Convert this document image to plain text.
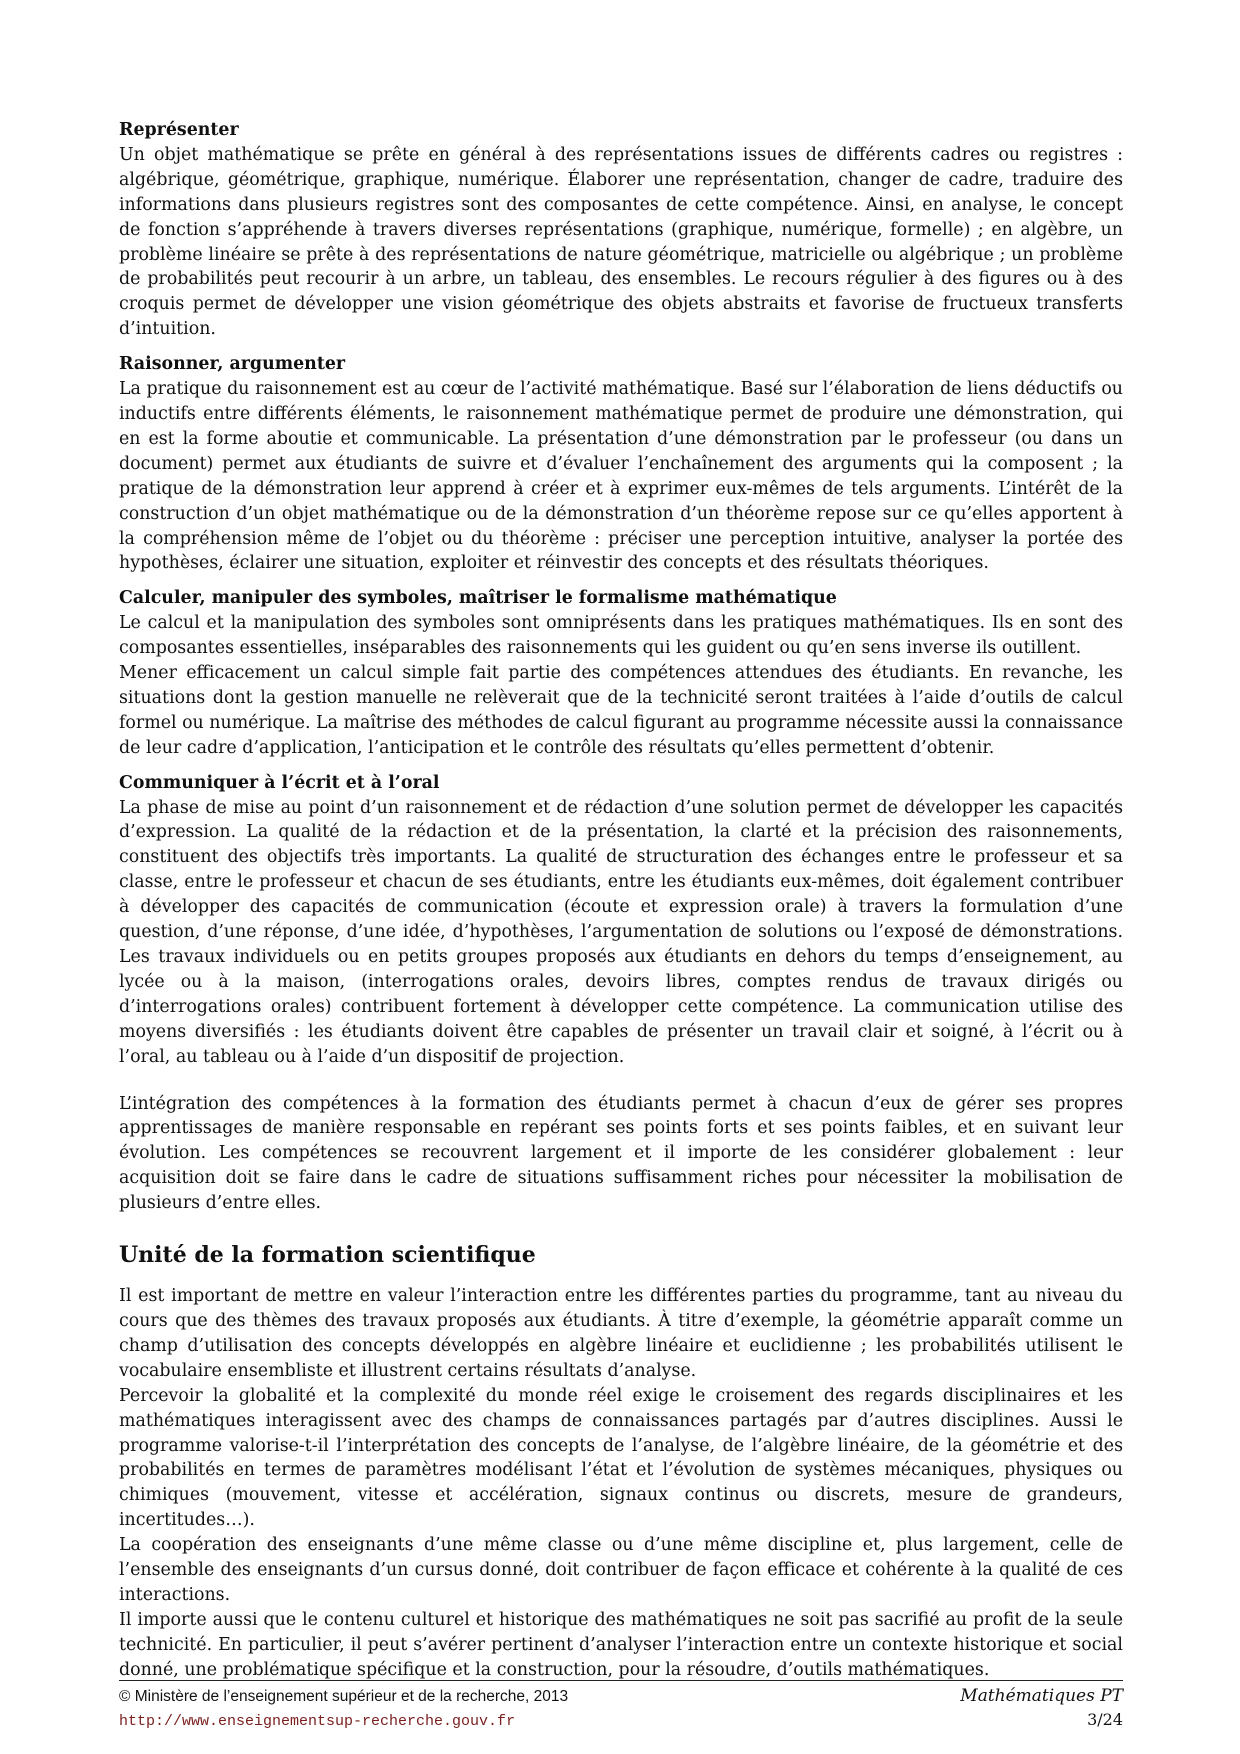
Représenter

Un objet mathématique se prête en général à des représentations issues de différents cadres ou registres : algébrique, géométrique, graphique, numérique. Élaborer une représentation, changer de cadre, traduire des informations dans plusieurs registres sont des composantes de cette compétence. Ainsi, en analyse, le concept de fonction s’appréhende à travers diverses représentations (graphique, numérique, formelle) ; en algèbre, un problème linéaire se prête à des représentations de nature géométrique, matricielle ou algébrique ; un problème de probabilités peut recourir à un arbre, un tableau, des ensembles. Le recours régulier à des figures ou à des croquis permet de développer une vision géométrique des objets abstraits et favorise de fructueux transferts d’intuition.

Raisonner, argumenter

La pratique du raisonnement est au cœur de l’activité mathématique. Basé sur l’élaboration de liens déductifs ou inductifs entre différents éléments, le raisonnement mathématique permet de produire une démonstration, qui en est la forme aboutie et communicable. La présentation d’une démonstration par le professeur (ou dans un document) permet aux étudiants de suivre et d’évaluer l’enchaînement des arguments qui la composent ; la pratique de la démonstration leur apprend à créer et à exprimer eux-mêmes de tels arguments. L’intérêt de la construction d’un objet mathématique ou de la démonstration d’un théorème repose sur ce qu’elles apportent à la compréhension même de l’objet ou du théorème : préciser une perception intuitive, analyser la portée des hypothèses, éclairer une situation, exploiter et réinvestir des concepts et des résultats théoriques.

Calculer, manipuler des symboles, maîtriser le formalisme mathématique

Le calcul et la manipulation des symboles sont omniprésents dans les pratiques mathématiques. Ils en sont des composantes essentielles, inséparables des raisonnements qui les guident ou qu’en sens inverse ils outillent.

Mener efficacement un calcul simple fait partie des compétences attendues des étudiants. En revanche, les situations dont la gestion manuelle ne relèverait que de la technicité seront traitées à l’aide d’outils de calcul formel ou numérique. La maîtrise des méthodes de calcul figurant au programme nécessite aussi la connaissance de leur cadre d’application, l’anticipation et le contrôle des résultats qu’elles permettent d’obtenir.

Communiquer à l’écrit et à l’oral

La phase de mise au point d’un raisonnement et de rédaction d’une solution permet de développer les capacités d’expression. La qualité de la rédaction et de la présentation, la clarté et la précision des raisonnements, constituent des objectifs très importants. La qualité de structuration des échanges entre le professeur et sa classe, entre le professeur et chacun de ses étudiants, entre les étudiants eux-mêmes, doit également contribuer à développer des capacités de communication (écoute et expression orale) à travers la formulation d’une question, d’une réponse, d’une idée, d’hypothèses, l’argumentation de solutions ou l’exposé de démonstrations. Les travaux individuels ou en petits groupes proposés aux étudiants en dehors du temps d’enseignement, au lycée ou à la maison, (interrogations orales, devoirs libres, comptes rendus de travaux dirigés ou d’interrogations orales) contribuent fortement à développer cette compétence. La communication utilise des moyens diversifiés : les étudiants doivent être capables de présenter un travail clair et soigné, à l’écrit ou à l’oral, au tableau ou à l’aide d’un dispositif de projection.

L’intégration des compétences à la formation des étudiants permet à chacun d’eux de gérer ses propres apprentissages de manière responsable en repérant ses points forts et ses points faibles, et en suivant leur évolution. Les compétences se recouvrent largement et il importe de les considérer globalement : leur acquisition doit se faire dans le cadre de situations suffisamment riches pour nécessiter la mobilisation de plusieurs d’entre elles.

Unité de la formation scientifique

Il est important de mettre en valeur l’interaction entre les différentes parties du programme, tant au niveau du cours que des thèmes des travaux proposés aux étudiants. À titre d’exemple, la géométrie apparaît comme un champ d’utilisation des concepts développés en algèbre linéaire et euclidienne ; les probabilités utilisent le vocabulaire ensembliste et illustrent certains résultats d’analyse.

Percevoir la globalité et la complexité du monde réel exige le croisement des regards disciplinaires et les mathématiques interagissent avec des champs de connaissances partagés par d’autres disciplines. Aussi le programme valorise-t-il l’interprétation des concepts de l’analyse, de l’algèbre linéaire, de la géométrie et des probabilités en termes de paramètres modélisant l’état et l’évolution de systèmes mécaniques, physiques ou chimiques (mouvement, vitesse et accélération, signaux continus ou discrets, mesure de grandeurs, incertitudes…).

La coopération des enseignants d’une même classe ou d’une même discipline et, plus largement, celle de l’ensemble des enseignants d’un cursus donné, doit contribuer de façon efficace et cohérente à la qualité de ces interactions.

Il importe aussi que le contenu culturel et historique des mathématiques ne soit pas sacrifié au profit de la seule technicité. En particulier, il peut s’avérer pertinent d’analyser l’interaction entre un contexte historique et social donné, une problématique spécifique et la construction, pour la résoudre, d’outils mathématiques.

© Ministère de l’enseignement supérieur et de la recherche, 2013	Mathématiques PT
http://www.enseignementsup-recherche.gouv.fr	3/24
